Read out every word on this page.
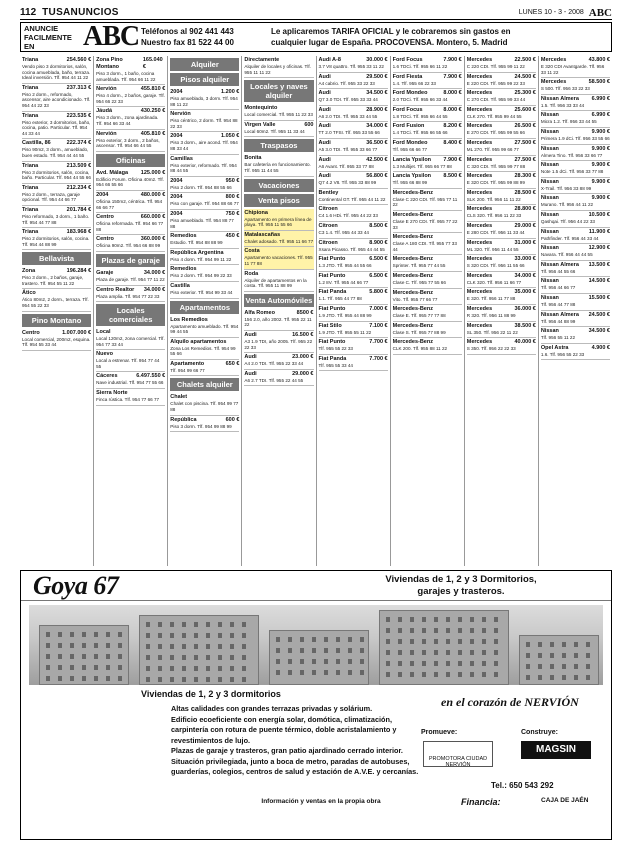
112 TUSANUNCIOS	LUNES 10 - 3 - 2008 ABC
ANUNCIE FACILMENTE EN	ABC Teléfonos al 902 441 443
Nuestro fax 81 522 44 00
Le aplicaremos TARIFA OFICIAL y le cobraremos sin gastos en
cualquier lugar de España. PROCOVENSA. Montero, 5. Madrid
Triana	254.560 €
Vendo piso 3 dormitorios, salón, cocina amueblada, baño, terraza. Ideal inversión. Tlf. 954 44 11 22
Triana	237.313 €
Piso 2 dorm., reformado, ascensor, aire acondicionado. Tlf. 954 44 22 33
Triana	223.535 €
Piso exterior, 3 dormitorios, baño, cocina, patio. Particular. Tlf. 954 44 33 44
Castilla, 86	222.374 €
Piso 90m2, 3 dorm., amueblado, buen estado. Tlf. 954 44 44 55
Triana	213.509 €
Piso 3 dormitorios, salón, cocina, baño. Particular. Tlf. 954 44 55 66
Triana	212.234 €
Piso 2 dorm., terraza, garaje opcional. Tlf. 954 44 66 77
Triana	201.784 €
Piso reformado, 3 dorm., 1 baño. Tlf. 954 44 77 88
Triana	183.968 €
Piso 2 dormitorios, salón, cocina. Tlf. 954 44 88 99
Bellavista
Zona	196.284 €
Piso 3 dorm., 2 baños, garaje, trastero. Tlf. 954 55 11 22
Ático
Ático 80m2, 2 dorm., terraza. Tlf. 954 55 22 33
Pino Montano
Centro	1.007.000 €
Local comercial, 200m2, esquina. Tlf. 954 55 33 44
Zona Pino Montano
165.040 €
Piso 3 dorm., 1 baño, cocina amueblada. Tlf. 954 66 11 22
Nervión	455.810 €
Piso 4 dorm., 2 baños, garaje. Tlf. 954 66 22 33
Jáudá	430.250 €
Piso 3 dorm., zona ajardinada. Tlf. 954 66 33 44
Nervión	405.810 €
Piso exterior, 3 dorm., 2 baños, ascensor. Tlf. 954 66 44 55
Oficinas
Avd. Málaga 125.000 €
Edificio Forum. Oficina 40m2. Tlf. 954 66 55 66
2004	480.000 €
Oficina 150m2, céntrica. Tlf. 954 66 66 77
Centro	660.000 €
Oficina reformada. Tlf. 954 66 77 88
Centro	360.000 €
Oficina 90m2. Tlf. 954 66 88 99
Plazas de garaje
Garaje	34.000 €
Plaza de garaje. Tlf. 954 77 11 22
Centro Realtor 34.000 €
Plaza amplia. Tlf. 954 77 22 33
Locales comerciales
Local
Local 120m2, zona comercial. Tlf. 954 77 33 44
Nuevo
Local a estrenar. Tlf. 954 77 44 55
Cáceres	6.497.550 €
Nave industrial. Tlf. 954 77 55 66
Sierra Norte
Finca rústica. Tlf. 954 77 66 77
Alquiler
Pisos alquiler
2004	1.200 €
Piso amueblado, 3 dorm. Tlf. 954 88 11 22
Nervión
Piso céntrico, 2 dorm. Tlf. 954 88 22 33
2004	1.050 €
Piso 3 dorm., aire acond. Tlf. 954 88 33 44
Camillas
Piso exterior, reformado. Tlf. 954 88 44 55
2004	950 €
Piso 2 dorm. Tlf. 954 88 55 66
2004	800 €
Piso con garaje. Tlf. 954 88 66 77
2004	750 €
Piso amueblado. Tlf. 954 88 77 88
Remedios	450 €
Estudio. Tlf. 954 88 88 99
República Argentina
Piso 4 dorm. Tlf. 954 99 11 22
Remedios
Piso 2 dorm. Tlf. 954 99 22 33
Castilla
Piso exterior. Tlf. 954 99 33 44
Apartamentos
Los Remedios
Apartamento amueblado. Tlf. 954 99 44 55
Alquilo apartamentos
Zona Los Remedios. Tlf. 954 99 55 66
Apartamento	650 €
Tlf. 954 99 66 77
Chalets alquiler
Chalet
Chalet con piscina. Tlf. 954 99 77 88
República	600 €
Piso 3 dorm. Tlf. 954 99 88 99
Directamente
Alquiler de locales y oficinas. Tlf. 955 11 11 22
Locales y naves alquiler
Montequinto
Local comercial. Tlf. 955 11 22 33
Virgen Valle	600
Local 60m2. Tlf. 955 11 33 44
Traspasos
Bonita
Bar cafetería en funcionamiento. Tlf. 955 11 44 55
Vacaciones
Venta pisos
Chipiona
Apartamento en primera línea de playa. Tlf. 955 11 55 66
Matalascañas
Chalet adosado. Tlf. 955 11 66 77
Costa
Apartamento vacaciones. Tlf. 955 11 77 88
Roda
Alquiler de apartamentos en la costa. Tlf. 955 11 88 99
Venta Automóviles
Alfa Romeo	8500 €
156 2.0, año 2002. Tlf. 955 22 11 22
Audi	16.500 €
A3 1.9 TDI, año 2005. Tlf. 955 22 22 33
Audi	23.000 €
A4 2.0 TDI. Tlf. 955 22 33 44
Audi	29.000 €
A6 2.7 TDI. Tlf. 955 22 44 55
Audi A-8	30.000 €
3.7 V8 quattro. Tlf. 955 33 11 22
Audi	29.500 €
A4 cabrio. Tlf. 955 33 22 33
Audi	34.500 €
Q7 3.0 TDI. Tlf. 955 33 33 44
Audi	28.900 €
A6 2.0 TDI. Tlf. 955 33 44 55
Audi	34.000 €
TT 2.0 TFSI. Tlf. 955 33 55 66
Audi	36.500 €
A5 3.0 TDI. Tlf. 955 33 66 77
Audi	42.500 €
A6 Avant. Tlf. 955 33 77 88
Audi	56.800 €
Q7 4.2 V8. Tlf. 955 33 88 99
Bentley
Continental GT. Tlf. 955 44 11 22
Citroen
C4 1.6 HDi. Tlf. 955 44 22 33
Citroen	8.500 €
C3 1.4. Tlf. 955 44 33 44
Citroen	8.900 €
Xsara Picasso. Tlf. 955 44 44 55
Fiat Punto	6.500 €
1.3 JTD. Tlf. 955 44 55 66
Fiat Punto	6.500 €
1.2 8V. Tlf. 955 44 66 77
Fiat Panda	5.800 €
1.1. Tlf. 955 44 77 88
Fiat Punto	7.000 €
1.9 JTD. Tlf. 955 44 88 99
Fiat Stilo	7.100 €
1.9 JTD. Tlf. 955 55 11 22
Fiat Punto	7.700 €
Tlf. 955 55 22 33
Fiat Panda	7.700 €
Tlf. 955 55 33 44
Ford Focus	7.900 €
1.6 TDCi. Tlf. 955 66 11 22
Ford Fiesta	7.900 €
1.4. Tlf. 955 66 22 33
Ford Mondeo	8.000 €
2.0 TDCi. Tlf. 955 66 33 44
Ford Focus	8.000 €
1.8 TDCi. Tlf. 955 66 44 55
Ford Fusion	8.200 €
1.4 TDCi. Tlf. 955 66 55 66
Ford Mondeo	8.400 €
Tlf. 955 66 66 77
Lancia Ypsilon 7.900 €
1.3 Multijet. Tlf. 955 66 77 88
Lancia Ypsilon 8.500 €
Tlf. 955 66 88 99
Mercedes-Benz
Clase C 220 CDI. Tlf. 955 77 11 22
Mercedes-Benz
Clase E 270 CDI. Tlf. 955 77 22 33
Mercedes-Benz
Clase A 180 CDI. Tlf. 955 77 33 44
Mercedes-Benz
Sprinter. Tlf. 955 77 44 55
Mercedes-Benz
Clase C. Tlf. 955 77 55 66
Mercedes-Benz
Vito. Tlf. 955 77 66 77
Mercedes-Benz
Clase E. Tlf. 955 77 77 88
Mercedes-Benz
Clase S. Tlf. 955 77 88 99
Mercedes-Benz
CLK 200. Tlf. 955 88 11 22
Mercedes	22.500 €
C 220 CDI. Tlf. 955 99 11 22
Mercedes	24.500 €
E 220 CDI. Tlf. 955 99 22 33
Mercedes	25.300 €
C 270 CDI. Tlf. 955 99 33 44
Mercedes	25.600 €
CLK 270. Tlf. 955 99 44 55
Mercedes	26.500 €
E 270 CDI. Tlf. 955 99 55 66
Mercedes	27.500 €
ML 270. Tlf. 955 99 66 77
Mercedes	27.500 €
C 320 CDI. Tlf. 955 99 77 88
Mercedes	28.300 €
E 320 CDI. Tlf. 955 99 88 99
Mercedes	28.500 €
SLK 200. Tlf. 956 11 11 22
Mercedes	28.800 €
CLS 320. Tlf. 956 11 22 33
Mercedes	29.000 €
E 280 CDI. Tlf. 956 11 33 44
Mercedes	31.000 €
ML 320. Tlf. 956 11 44 55
Mercedes	33.000 €
S 320 CDI. Tlf. 956 11 55 66
Mercedes	34.000 €
CLK 320. Tlf. 956 11 66 77
Mercedes	35.000 €
E 320. Tlf. 956 11 77 88
Mercedes	36.000 €
R 320. Tlf. 956 11 88 99
Mercedes	38.500 €
SL 350. Tlf. 956 22 11 22
Mercedes	40.000 €
S 350. Tlf. 956 22 22 33
Mercedes	43.800 €
E 320 CDI Avantgarde. Tlf. 956 33 11 22
Mercedes	58.500 €
S 500. Tlf. 956 33 22 33
Nissan Almera 6.990 €
1.5. Tlf. 956 33 33 44
Nissan	6.990 €
Micra 1.2. Tlf. 956 33 44 55
Nissan	9.900 €
Primera 1.9 dCi. Tlf. 956 33 55 66
Nissan	9.900 €
Almera Tino. Tlf. 956 33 66 77
Nissan	9.900 €
Note 1.5 dCi. Tlf. 956 33 77 88
Nissan	9.900 €
X-Trail. Tlf. 956 33 88 99
Nissan	9.900 €
Murano. Tlf. 956 44 11 22
Nissan	10.500 €
Qashqai. Tlf. 956 44 22 33
Nissan	11.900 €
Pathfinder. Tlf. 956 44 33 44
Nissan	12.900 €
Navara. Tlf. 956 44 44 55
Nissan Almera 13.500 €
Tlf. 956 44 55 66
Nissan	14.500 €
Tlf. 956 44 66 77
Nissan	15.500 €
Tlf. 956 44 77 88
Nissan Almera 24.500 €
Tlf. 956 44 88 99
Nissan	34.500 €
Tlf. 956 55 11 22
Opel Astra	4.900 €
1.6. Tlf. 956 55 22 33
Goya 67	Viviendas de 1, 2 y 3 Dormitorios,
garajes y trasteros.
Viviendas de 1, 2 y 3 dormitorios
Altas calidades con grandes terrazas privadas y solárium.
Edificio ecoeficiente con energía solar, domótica, climatización, carpintería con rotura de puente térmico, doble acristalamiento y revestimientos de lujo.
Plazas de garaje y trasteros, gran patio ajardinado cerrado interior.
Situación privilegiada, junto a boca de metro, paradas de autobuses, guarderías, colegios, centros de salud y estación de A.V.E. y cercanías.
en el corazón de NERVIÓN
Promueve:
PROMOTORA CIUDAD NERVIÓN
Construye:
MAGSIN
Tel.: 650 543 292
Financia:	CAJA DE JAÉN
Información y ventas en la propia obra
